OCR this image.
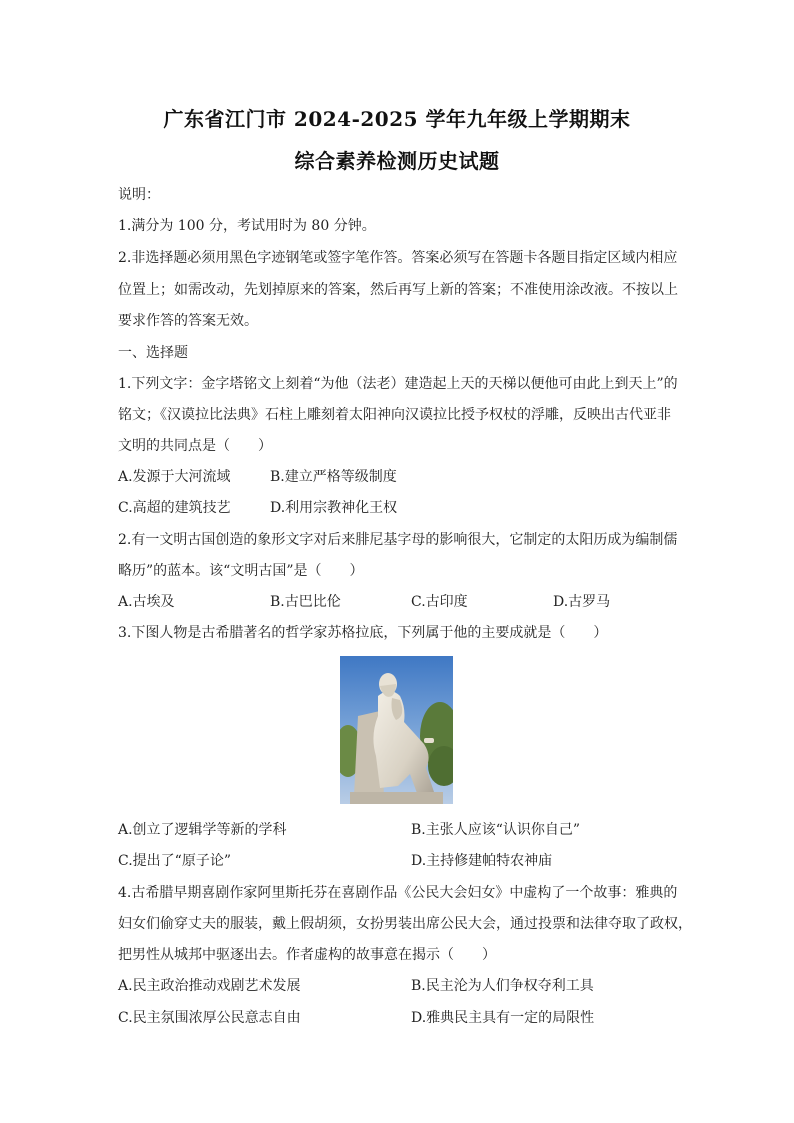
广东省江门市 2024-2025 学年九年级上学期期末
综合素养检测历史试题
说明：
1.满分为 100 分，考试用时为 80 分钟。
2.非选择题必须用黑色字迹钢笔或签字笔作答。答案必须写在答题卡各题目指定区域内相应
位置上；如需改动，先划掉原来的答案，然后再写上新的答案；不准使用涂改液。不按以上
要求作答的答案无效。
一、选择题
1.下列文字：金字塔铭文上刻着“为他（法老）建造起上天的天梯以便他可由此上到天上”的
铭文；《汉谟拉比法典》石柱上雕刻着太阳神向汉谟拉比授予权杖的浮雕，反映出古代亚非
文明的共同点是（　　）
A.发源于大河流域	B.建立严格等级制度
C.高超的建筑技艺	D.利用宗教神化王权
2.有一文明古国创造的象形文字对后来腓尼基字母的影响很大，它制定的太阳历成为编制儒
略历”的蓝本。该“文明古国”是（　　）
A.古埃及	B.古巴比伦	C.古印度	D.古罗马
3.下图人物是古希腊著名的哲学家苏格拉底，下列属于他的主要成就是（　　）
A.创立了逻辑学等新的学科	B.主张人应该“认识你自己”
C.提出了“原子论”	D.主持修建帕特农神庙
4.古希腊早期喜剧作家阿里斯托芬在喜剧作品《公民大会妇女》中虚构了一个故事：雅典的
妇女们偷穿丈夫的服装，戴上假胡须，女扮男装出席公民大会，通过投票和法律夺取了政权，
把男性从城邦中驱逐出去。作者虚构的故事意在揭示（　　）
A.民主政治推动戏剧艺术发展	B.民主沦为人们争权夺利工具
C.民主氛围浓厚公民意志自由	D.雅典民主具有一定的局限性
